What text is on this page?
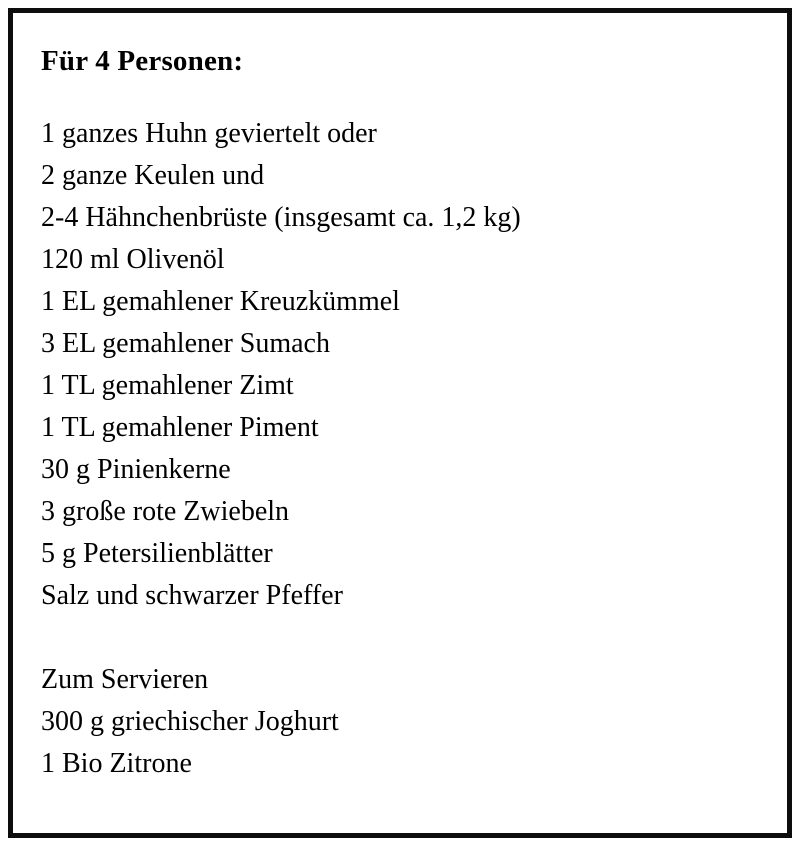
Für 4 Personen:
1 ganzes Huhn geviertelt oder
2 ganze Keulen und
2-4 Hähnchenbrüste (insgesamt ca. 1,2 kg)
120 ml Olivenöl
1 EL gemahlener Kreuzkümmel
3 EL gemahlener Sumach
1 TL gemahlener Zimt
1 TL gemahlener Piment
30 g Pinienkerne
3 große rote Zwiebeln
5 g Petersilienblätter
Salz und schwarzer Pfeffer

Zum Servieren

300 g griechischer Joghurt
1 Bio Zitrone
